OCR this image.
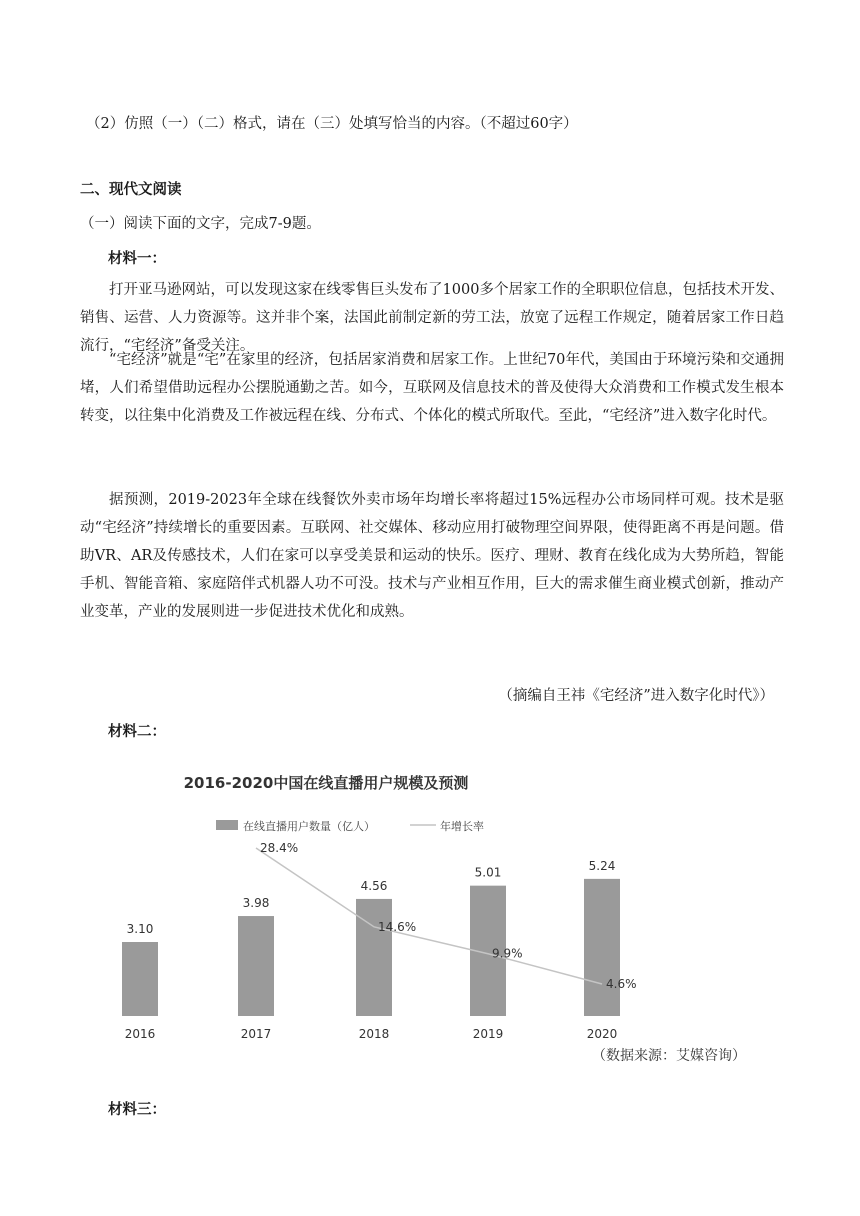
（2）仿照（一）（二）格式，请在（三）处填写恰当的内容。（不超过60字）
二、现代文阅读
（一）阅读下面的文字，完成7-9题。
材料一：
打开亚马逊网站，可以发现这家在线零售巨头发布了1000多个居家工作的全职职位信息，包括技术开发、销售、运营、人力资源等。这并非个案，法国此前制定新的劳工法，放宽了远程工作规定，随着居家工作日趋流行，“宅经济”备受关注。
“宅经济”就是“宅”在家里的经济，包括居家消费和居家工作。上世纪70年代，美国由于环境污染和交通拥堵，人们希望借助远程办公摆脱通勤之苦。如今，互联网及信息技术的普及使得大众消费和工作模式发生根本转变，以往集中化消费及工作被远程在线、分布式、个体化的模式所取代。至此，“宅经济”进入数字化时代。
据预测，2019-2023年全球在线餐饮外卖市场年均增长率将超过15%远程办公市场同样可观。技术是驱动“宅经济”持续增长的重要因素。互联网、社交媒体、移动应用打破物理空间界限，使得距离不再是问题。借助VR、AR及传感技术，人们在家可以享受美景和运动的快乐。医疗、理财、教育在线化成为大势所趋，智能手机、智能音箱、家庭陪伴式机器人功不可没。技术与产业相互作用，巨大的需求催生商业模式创新，推动产业变革，产业的发展则进一步促进技术优化和成熟。
（摘编自王祎《宅经济”进入数字化时代》）
材料二：
2016-2020中国在线直播用户规模及预测
在线直播用户数量（亿人）	年增长率
3.10
3.98
4.56
5.01	5.24
28.4%
14.6%
9.9%
4.6%
2016	2017	2018	2019	2020
（数据来源：艾媒咨询）
材料三：
